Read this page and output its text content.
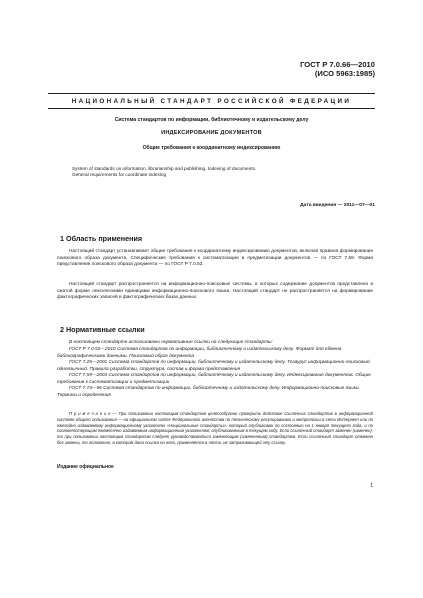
ГОСТ Р 7.0.66—2010
(ИСО 5963:1985)
НАЦИОНАЛЬНЫЙ СТАНДАРТ РОССИЙСКОЙ ФЕДЕРАЦИИ
Система стандартов по информации, библиотечному и издательскому делу
ИНДЕКСИРОВАНИЕ ДОКУМЕНТОВ
Общие требования к координатному индексированию
System of standards on information, librarianship and publishing. Indexing of documents.
General requirements for coordinate indexing
Дата введения — 2011—07—01
1 Область применения
Настоящий стандарт устанавливает общие требования к координатному индексированию документов, включая правила формирования поискового образа документа. Специфические требования к систематизации и предметизации документов — по ГОСТ 7.59. Форма представления поискового образа документа — по ГОСТ Р 7.0.52.
Настоящий стандарт распространяется на информационно-поисковые системы, в которых содержание документов представлено в сжатой форме лексическими единицами информационно-поискового языка. Настоящий стандарт не распространяется на формирование фактографических записей в фактографических базах данных.
2 Нормативные ссылки
В настоящем стандарте использованы нормативные ссылки на следующие стандарты:
ГОСТ Р 7.0.52—2010 Система стандартов по информации, библиотечному и издательскому делу. Формат для обмена библиографическими данными. Поисковый образ документа
ГОСТ 7.25—2001 Система стандартов по информации, библиотечному и издательскому делу. Тезаурус информационно-поисковый одноязычный. Правила разработки, структура, состав и форма представления
ГОСТ 7.59—2003 Система стандартов по информации, библиотечному и издательскому делу. Индексирование документов. Общие требования к систематизации и предметизации
ГОСТ 7.74—96 Система стандартов по информации, библиотечному и издательскому делу. Информационно-поисковые языки. Термины и определения
П р и м е ч а н и е — При пользовании настоящим стандартом целесообразно проверить действие ссылочных стандартов в информационной системе общего пользования — на официальном сайте Федерального агентства по техническому регулированию и метрологии в сети Интернет или по ежегодно издаваемому информационному указателю «Национальные стандарты», который опубликован по состоянию на 1 января текущего года, и по соответствующим ежемесячно издаваемым информационным указателям, опубликованным в текущем году. Если ссылочный стандарт заменен (изменен), то при пользовании настоящим стандартом следует руководствоваться заменяющим (измененным) стандартом. Если ссылочный стандарт отменен без замены, то положение, в котором дана ссылка на него, применяется в части, не затрагивающей эту ссылку.
Издание официальное
1
